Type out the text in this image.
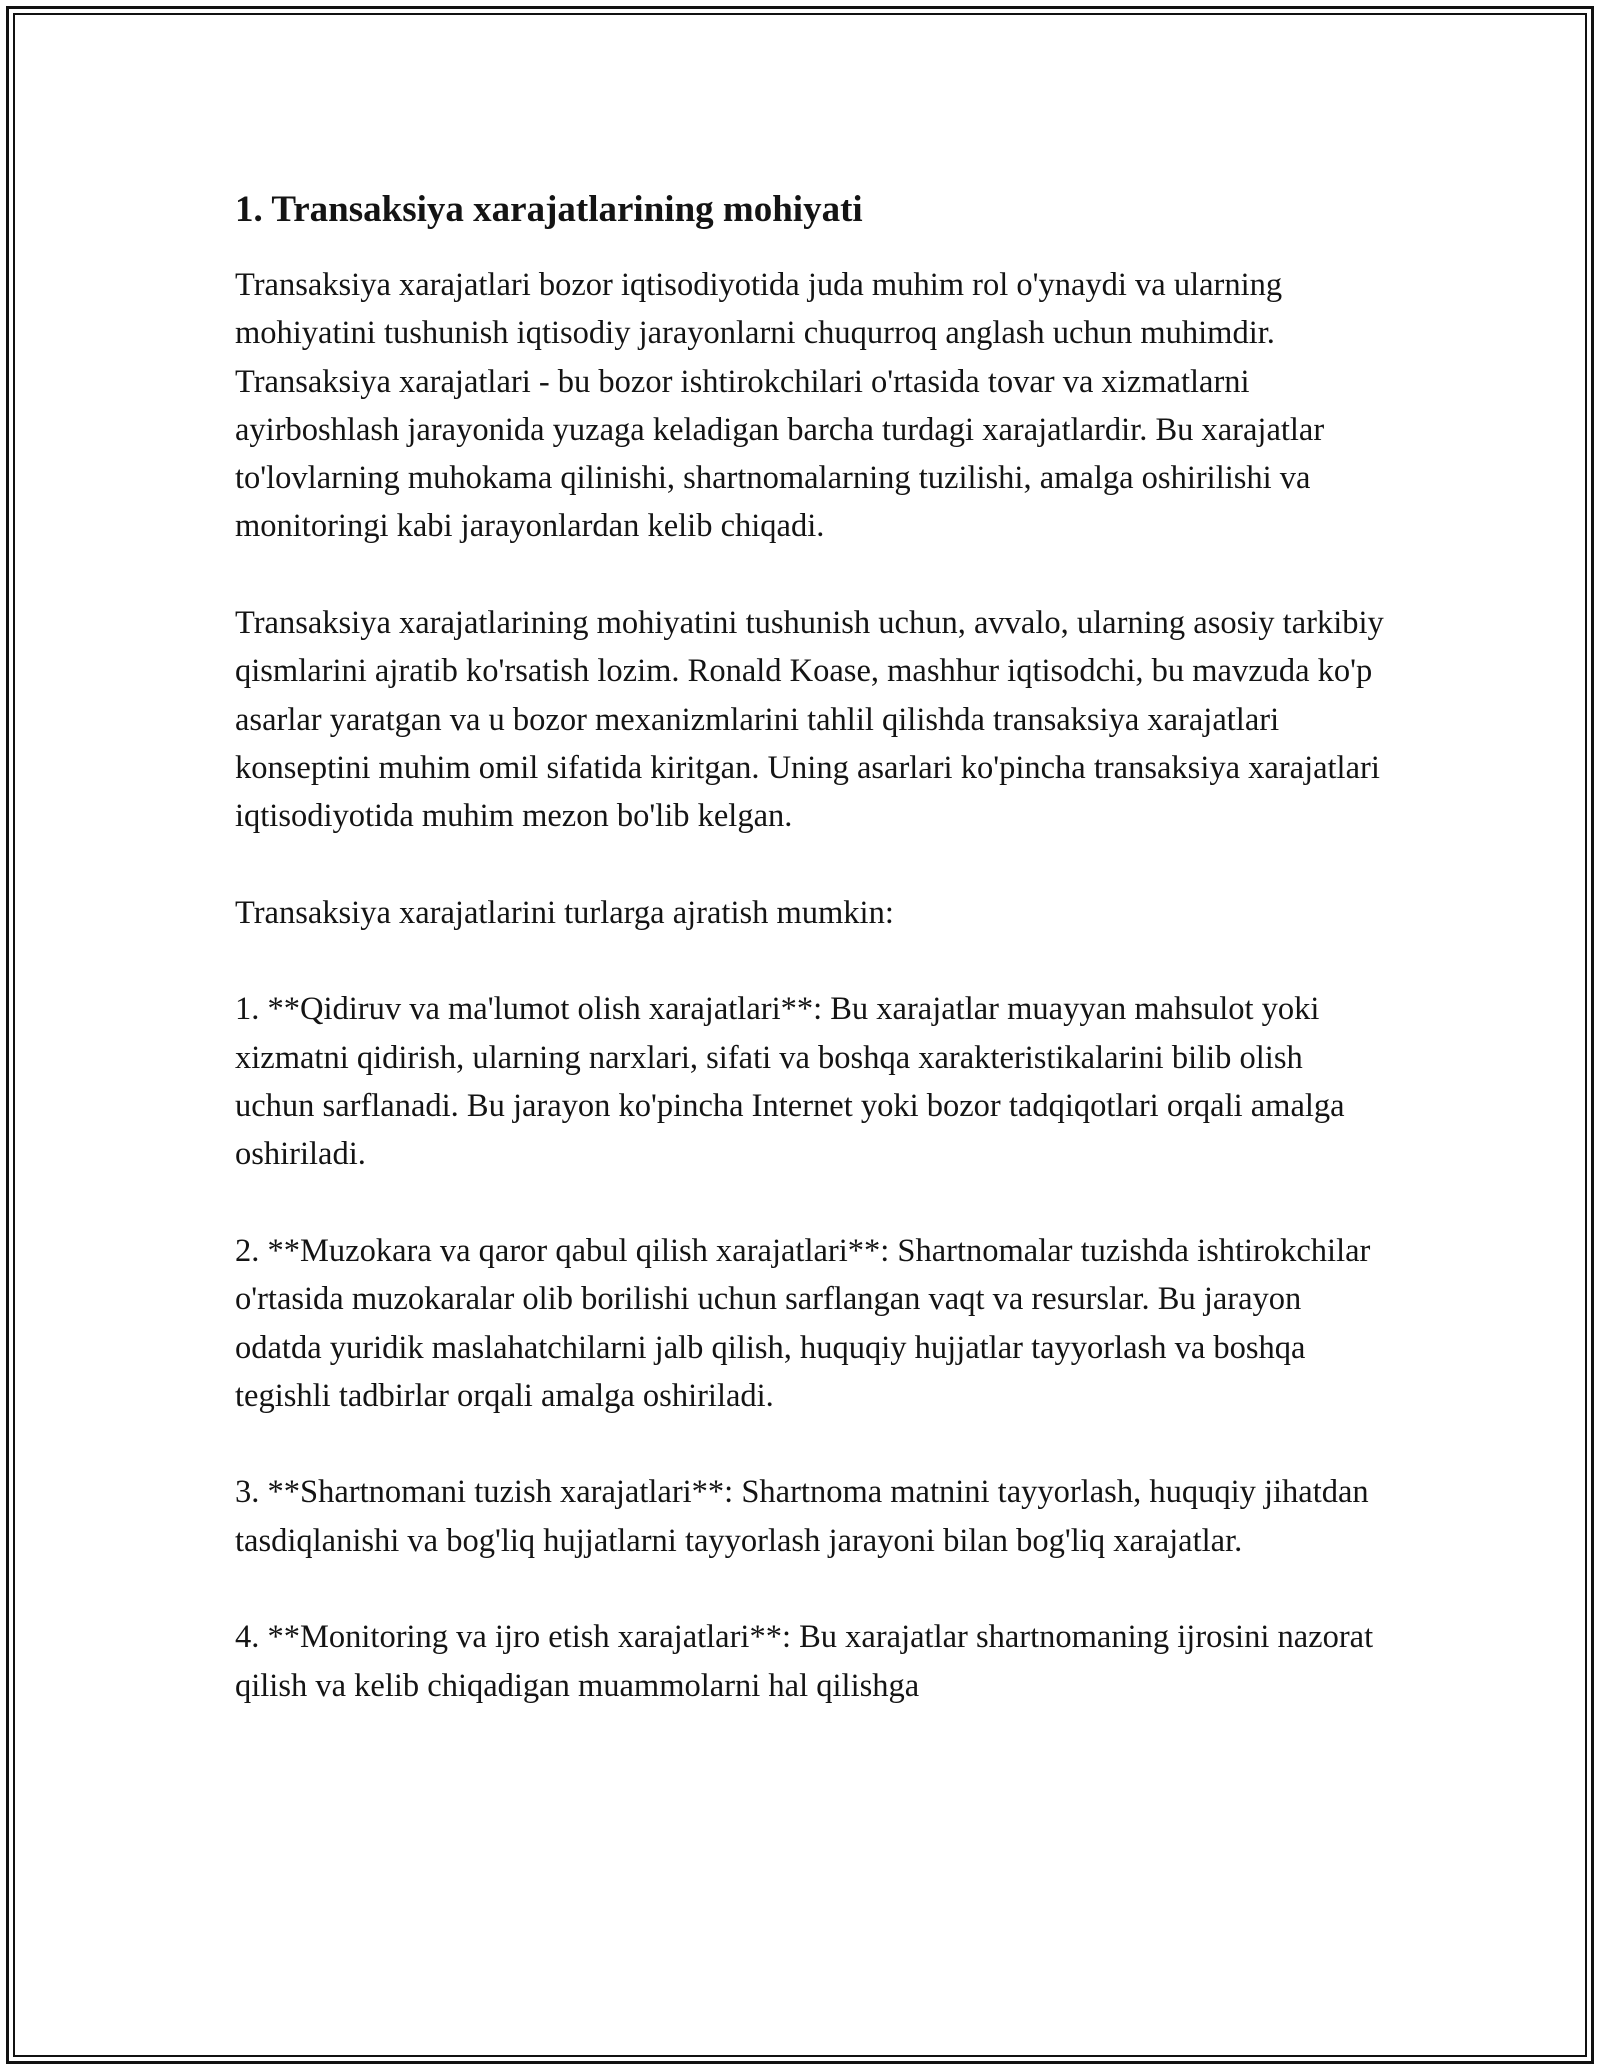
1. Transaksiya xarajatlarining mohiyati

Transaksiya xarajatlari bozor iqtisodiyotida juda muhim rol o'ynaydi va ularning mohiyatini tushunish iqtisodiy jarayonlarni chuqurroq anglash uchun muhimdir. Transaksiya xarajatlari - bu bozor ishtirokchilari o'rtasida tovar va xizmatlarni ayirboshlash jarayonida yuzaga keladigan barcha turdagi xarajatlardir. Bu xarajatlar to'lovlarning muhokama qilinishi, shartnomalarning tuzilishi, amalga oshirilishi va monitoringi kabi jarayonlardan kelib chiqadi.

Transaksiya xarajatlarining mohiyatini tushunish uchun, avvalo, ularning asosiy tarkibiy qismlarini ajratib ko'rsatish lozim. Ronald Koase, mashhur iqtisodchi, bu mavzuda ko'p asarlar yaratgan va u bozor mexanizmlarini tahlil qilishda transaksiya xarajatlari konseptini muhim omil sifatida kiritgan. Uning asarlari ko'pincha transaksiya xarajatlari iqtisodiyotida muhim mezon bo'lib kelgan.

Transaksiya xarajatlarini turlarga ajratish mumkin:

1. **Qidiruv va ma'lumot olish xarajatlari**: Bu xarajatlar muayyan mahsulot yoki xizmatni qidirish, ularning narxlari, sifati va boshqa xarakteristikalarini bilib olish uchun sarflanadi. Bu jarayon ko'pincha Internet yoki bozor tadqiqotlari orqali amalga oshiriladi.

2. **Muzokara va qaror qabul qilish xarajatlari**: Shartnomalar tuzishda ishtirokchilar o'rtasida muzokaralar olib borilishi uchun sarflangan vaqt va resurslar. Bu jarayon odatda yuridik maslahatchilarni jalb qilish, huquqiy hujjatlar tayyorlash va boshqa tegishli tadbirlar orqali amalga oshiriladi.

3. **Shartnomani tuzish xarajatlari**: Shartnoma matnini tayyorlash, huquqiy jihatdan tasdiqlanishi va bog'liq hujjatlarni tayyorlash jarayoni bilan bog'liq xarajatlar.

4. **Monitoring va ijro etish xarajatlari**: Bu xarajatlar shartnomaning ijrosini nazorat qilish va kelib chiqadigan muammolarni hal qilishga
